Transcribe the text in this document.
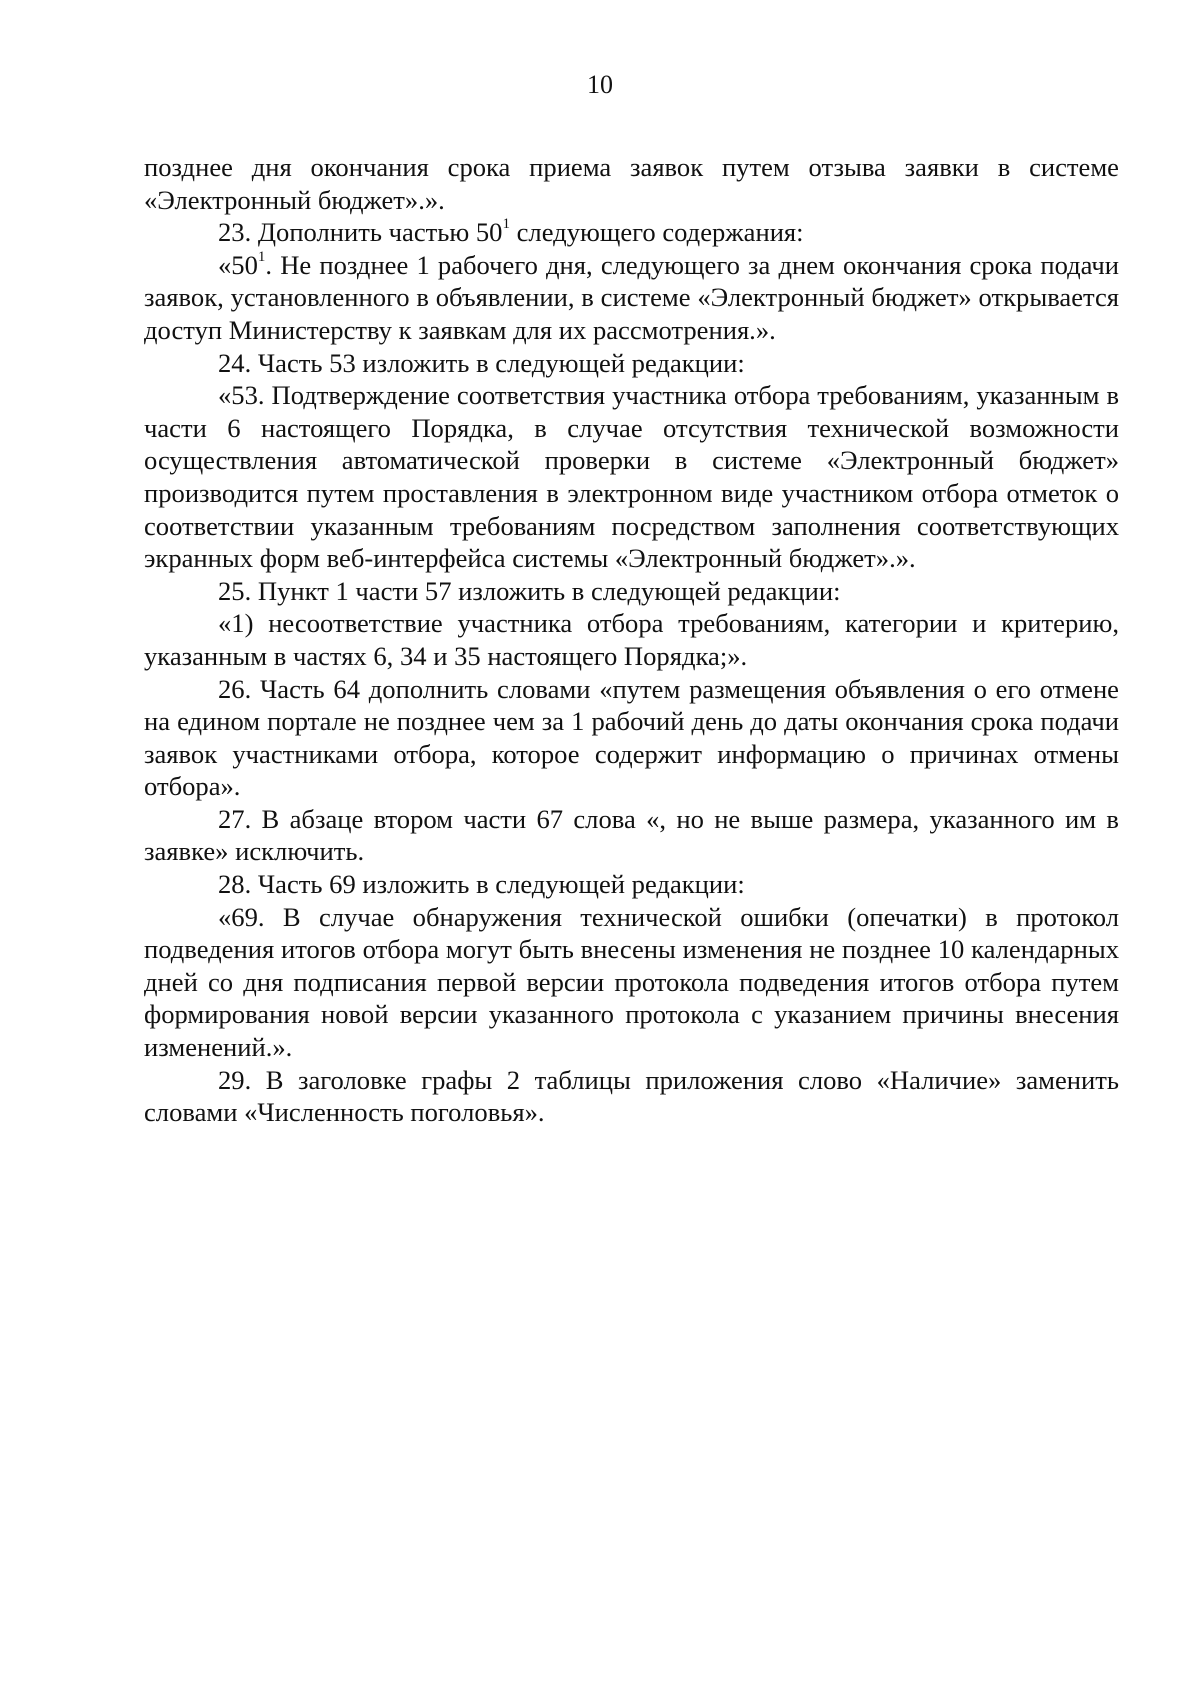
10

позднее дня окончания срока приема заявок путем отзыва заявки в системе «Электронный бюджет».».

23. Дополнить частью 50$^1$ следующего содержания:

«50$^1$. Не позднее 1 рабочего дня, следующего за днем окончания срока подачи заявок, установленного в объявлении, в системе «Электронный бюджет» открывается доступ Министерству к заявкам для их рассмотрения.».

24. Часть 53 изложить в следующей редакции:

«53. Подтверждение соответствия участника отбора требованиям, указанным в части 6 настоящего Порядка, в случае отсутствия технической возможности осуществления автоматической проверки в системе «Электронный бюджет» производится путем проставления в электронном виде участником отбора отметок о соответствии указанным требованиям посредством заполнения соответствующих экранных форм веб-интерфейса системы «Электронный бюджет».».

25. Пункт 1 части 57 изложить в следующей редакции:

«1) несоответствие участника отбора требованиям, категории и критерию, указанным в частях 6, 34 и 35 настоящего Порядка;».

26. Часть 64 дополнить словами «путем размещения объявления о его отмене на едином портале не позднее чем за 1 рабочий день до даты окончания срока подачи заявок участниками отбора, которое содержит информацию о причинах отмены отбора».

27. В абзаце втором части 67 слова «, но не выше размера, указанного им в заявке» исключить.

28. Часть 69 изложить в следующей редакции:

«69. В случае обнаружения технической ошибки (опечатки) в протокол подведения итогов отбора могут быть внесены изменения не позднее 10 календарных дней со дня подписания первой версии протокола подведения итогов отбора путем формирования новой версии указанного протокола с указанием причины внесения изменений.».

29. В заголовке графы 2 таблицы приложения слово «Наличие» заменить словами «Численность поголовья».
